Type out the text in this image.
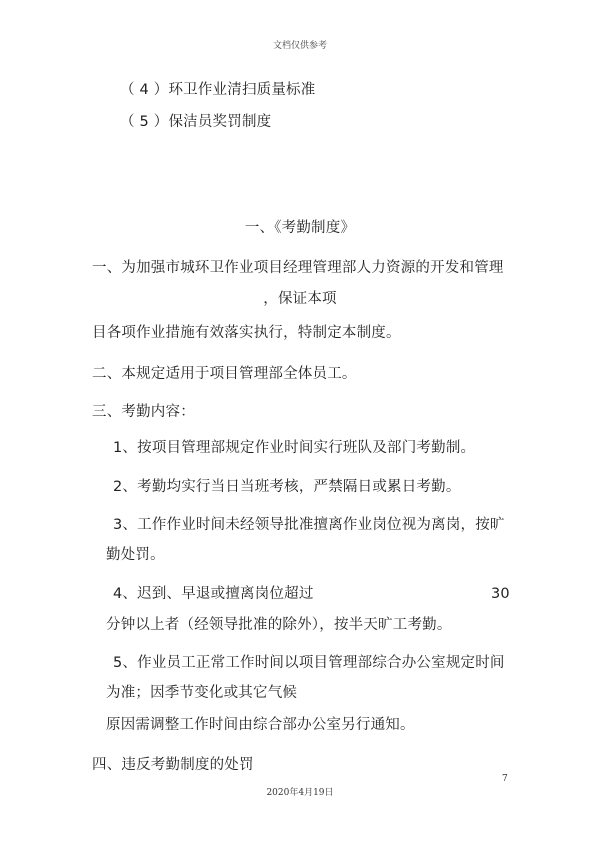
文档仅供参考
（ 4 ）环卫作业清扫质量标准
（ 5 ）保洁员奖罚制度
一、《考勤制度》
一、为加强市城环卫作业项目经理管理部人力资源的开发和管理
，保证本项
目各项作业措施有效落实执行，特制定本制度。
二、本规定适用于项目管理部全体员工。
三、考勤内容：
1、按项目管理部规定作业时间实行班队及部门考勤制。
2、考勤均实行当日当班考核，严禁隔日或累日考勤。
3、工作作业时间未经领导批准擅离作业岗位视为离岗，按旷
勤处罚。
4、迟到、早退或擅离岗位超过	30
分钟以上者（经领导批准的除外），按半天旷工考勤。
5、作业员工正常工作时间以项目管理部综合办公室规定时间
为准；因季节变化或其它气候
原因需调整工作时间由综合部办公室另行通知。
四、违反考勤制度的处罚
7
2020年4月19日
